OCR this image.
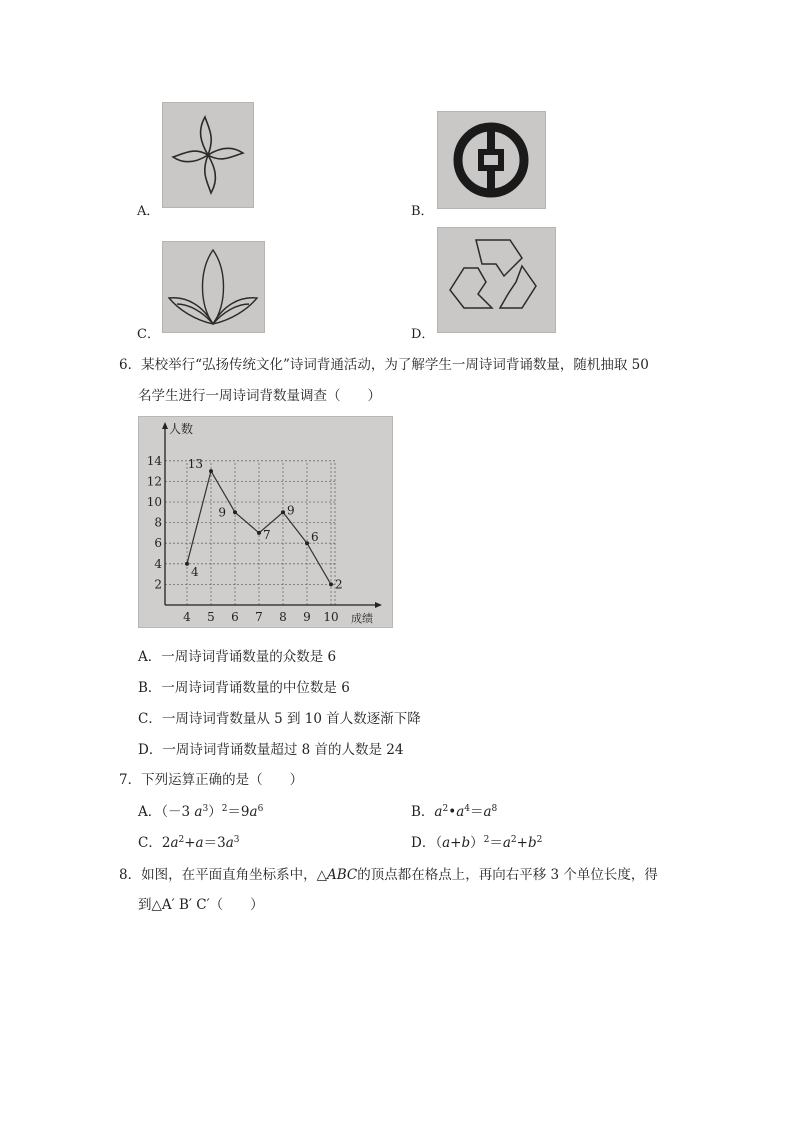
A．	B．
C．	D．
6．某校举行“弘扬传统文化”诗词背通活动，为了解学生一周诗词背诵数量，随机抽取 50
名学生进行一周诗词背数量调查（　　）
人数
成绩
2
4
6
8
10
12
14
4 5 6 7 8 9 10
4
13
9
7
9
6
2
A．一周诗词背诵数量的众数是 6
B．一周诗词背诵数量的中位数是 6
C．一周诗词背数量从 5 到 10 首人数逐渐下降
D．一周诗词背诵数量超过 8 首的人数是 24
7．下列运算正确的是（　　）
A．（－3 $a^3)^2=9a^6$	B．$a^2•a^4=a^8$
C．$2a^2+a=3a^3$	D．$(a+b)^2=a^2+b^2$
8．如图，在平面直角坐标系中，△ABC的顶点都在格点上，再向右平移 3 个单位长度，得
到△A′ B′ C′（　　）
